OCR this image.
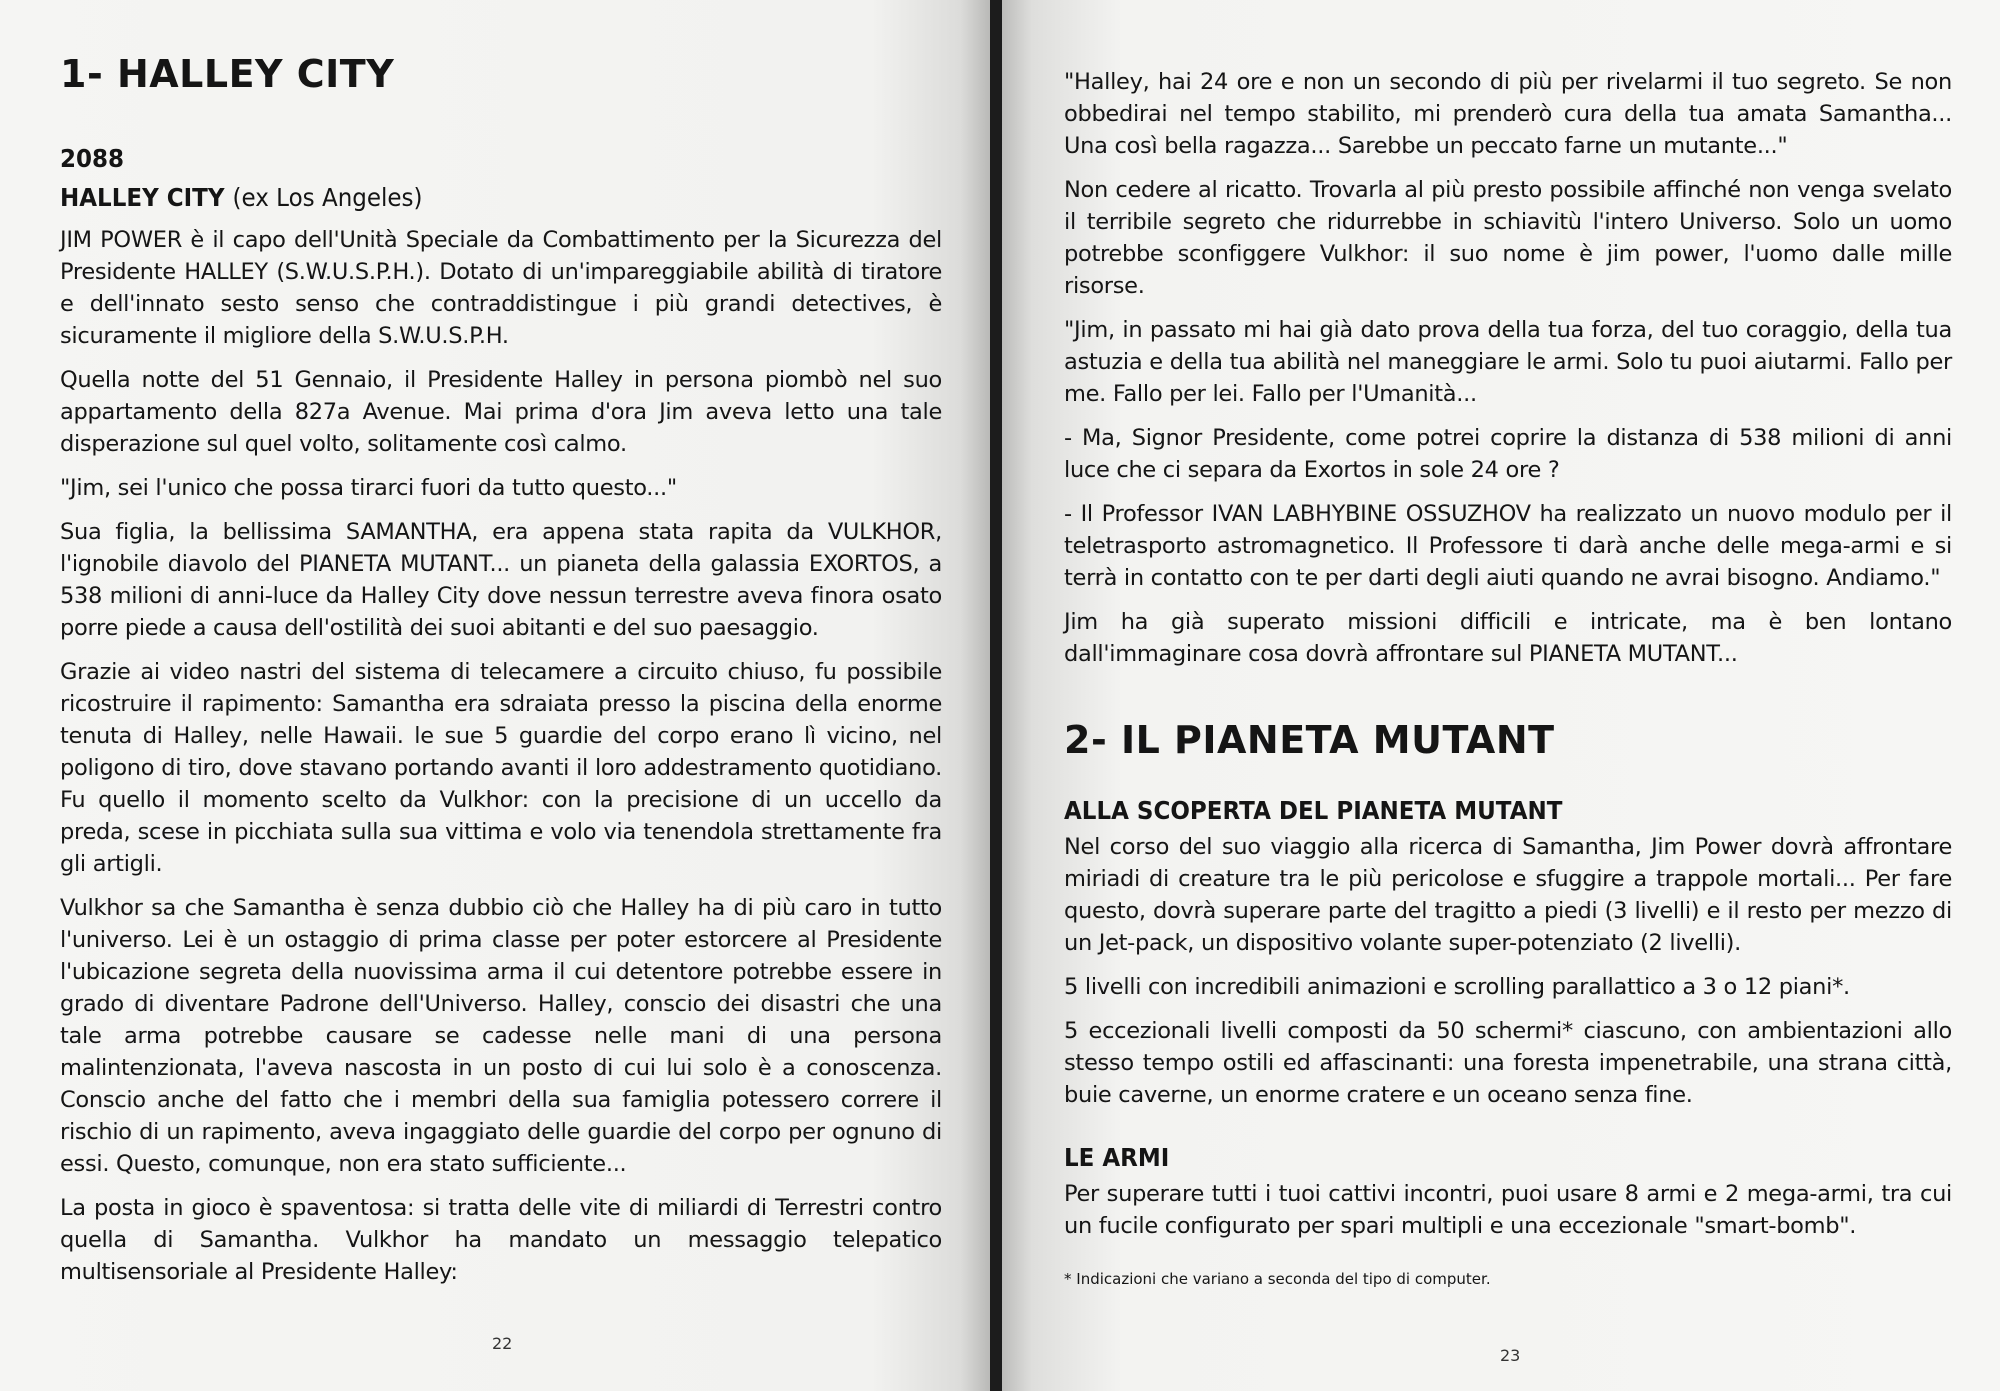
1- HALLEY CITY
2088
HALLEY CITY (ex Los Angeles)

JIM POWER è il capo dell'Unità Speciale da Combattimento per la Sicurezza del Presidente HALLEY (S.W.U.S.P.H.). Dotato di un'impareggiabile abilità di tiratore e dell'innato sesto senso che contraddistingue i più grandi detectives, è sicuramente il migliore della S.W.U.S.P.H.

Quella notte del 51 Gennaio, il Presidente Halley in persona piombò nel suo appartamento della 827a Avenue. Mai prima d'ora Jim aveva letto una tale disperazione sul quel volto, solitamente così calmo.

"Jim, sei l'unico che possa tirarci fuori da tutto questo..."

Sua figlia, la bellissima SAMANTHA, era appena stata rapita da VULKHOR, l'ignobile diavolo del PIANETA MUTANT... un pianeta della galassia EXORTOS, a 538 milioni di anni-luce da Halley City dove nessun terrestre aveva finora osato porre piede a causa dell'ostilità dei suoi abitanti e del suo paesaggio.

Grazie ai video nastri del sistema di telecamere a circuito chiuso, fu possibile ricostruire il rapimento: Samantha era sdraiata presso la piscina della enorme tenuta di Halley, nelle Hawaii. le sue 5 guardie del corpo erano lì vicino, nel poligono di tiro, dove stavano portando avanti il loro addestramento quotidiano. Fu quello il momento scelto da Vulkhor: con la precisione di un uccello da preda, scese in picchiata sulla sua vittima e volo via tenendola strettamente fra gli artigli.

Vulkhor sa che Samantha è senza dubbio ciò che Halley ha di più caro in tutto l'universo. Lei è un ostaggio di prima classe per poter estorcere al Presidente l'ubicazione segreta della nuovissima arma il cui detentore potrebbe essere in grado di diventare Padrone dell'Universo. Halley, conscio dei disastri che una tale arma potrebbe causare se cadesse nelle mani di una persona malintenzionata, l'aveva nascosta in un posto di cui lui solo è a conoscenza. Conscio anche del fatto che i membri della sua famiglia potessero correre il rischio di un rapimento, aveva ingaggiato delle guardie del corpo per ognuno di essi. Questo, comunque, non era stato sufficiente...

La posta in gioco è spaventosa: si tratta delle vite di miliardi di Terrestri contro quella di Samantha. Vulkhor ha mandato un messaggio telepatico multisensoriale al Presidente Halley:

22

"Halley, hai 24 ore e non un secondo di più per rivelarmi il tuo segreto. Se non obbedirai nel tempo stabilito, mi prenderò cura della tua amata Samantha... Una così bella ragazza... Sarebbe un peccato farne un mutante..."

Non cedere al ricatto. Trovarla al più presto possibile affinché non venga svelato il terribile segreto che ridurrebbe in schiavitù l'intero Universo. Solo un uomo potrebbe sconfiggere Vulkhor: il suo nome è jim power, l'uomo dalle mille risorse.

"Jim, in passato mi hai già dato prova della tua forza, del tuo coraggio, della tua astuzia e della tua abilità nel maneggiare le armi. Solo tu puoi aiutarmi. Fallo per me. Fallo per lei. Fallo per l'Umanità...

- Ma, Signor Presidente, come potrei coprire la distanza di 538 milioni di anni luce che ci separa da Exortos in sole 24 ore ?

- Il Professor IVAN LABHYBINE OSSUZHOV ha realizzato un nuovo modulo per il teletrasporto astromagnetico. Il Professore ti darà anche delle mega-armi e si terrà in contatto con te per darti degli aiuti quando ne avrai bisogno. Andiamo."

Jim ha già superato missioni difficili e intricate, ma è ben lontano dall'immaginare cosa dovrà affrontare sul PIANETA MUTANT...

2- IL PIANETA MUTANT
ALLA SCOPERTA DEL PIANETA MUTANT

Nel corso del suo viaggio alla ricerca di Samantha, Jim Power dovrà affrontare miriadi di creature tra le più pericolose e sfuggire a trappole mortali... Per fare questo, dovrà superare parte del tragitto a piedi (3 livelli) e il resto per mezzo di un Jet-pack, un dispositivo volante super-potenziato (2 livelli).

5 livelli con incredibili animazioni e scrolling parallattico a 3 o 12 piani*.

5 eccezionali livelli composti da 50 schermi* ciascuno, con ambientazioni allo stesso tempo ostili ed affascinanti: una foresta impenetrabile, una strana città, buie caverne, un enorme cratere e un oceano senza fine.

LE ARMI

Per superare tutti i tuoi cattivi incontri, puoi usare 8 armi e 2 mega-armi, tra cui un fucile configurato per spari multipli e una eccezionale "smart-bomb".

* Indicazioni che variano a seconda del tipo di computer.

23
